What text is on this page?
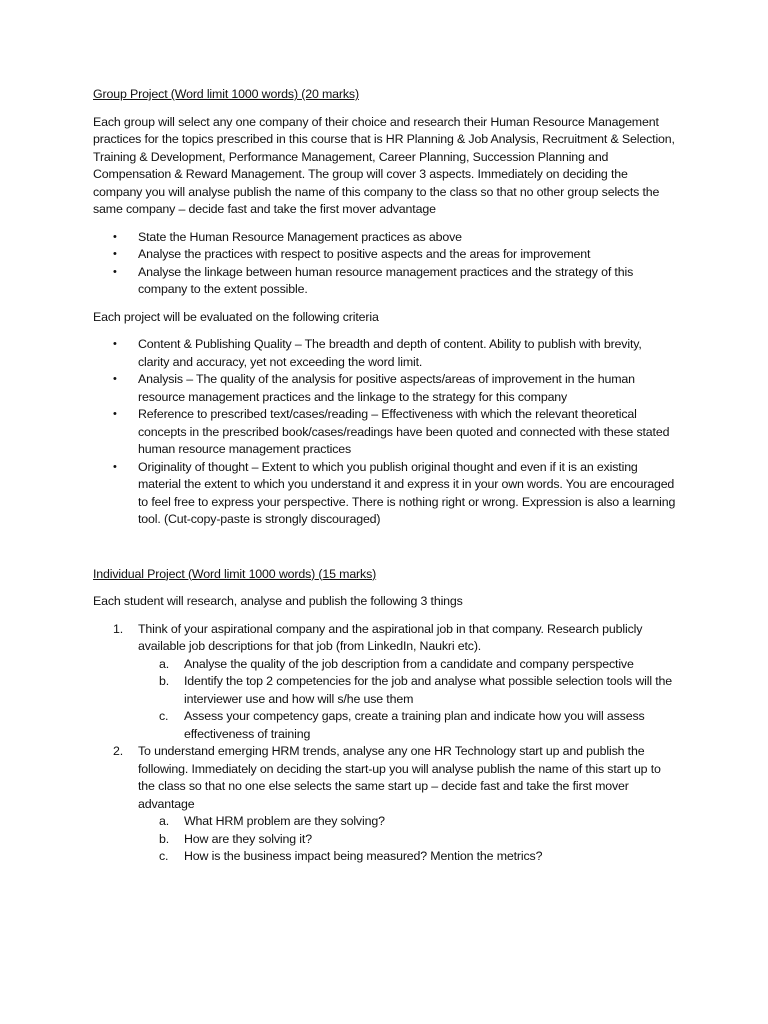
Group Project (Word limit 1000 words) (20 marks)

Each group will select any one company of their choice and research their Human Resource Management practices for the topics prescribed in this course that is HR Planning & Job Analysis, Recruitment & Selection, Training & Development, Performance Management, Career Planning, Succession Planning and Compensation & Reward Management. The group will cover 3 aspects. Immediately on deciding the company you will analyse publish the name of this company to the class so that no other group selects the same company – decide fast and take the first mover advantage

• State the Human Resource Management practices as above
• Analyse the practices with respect to positive aspects and the areas for improvement
• Analyse the linkage between human resource management practices and the strategy of this company to the extent possible.

Each project will be evaluated on the following criteria

• Content & Publishing Quality – The breadth and depth of content. Ability to publish with brevity, clarity and accuracy, yet not exceeding the word limit.
• Analysis – The quality of the analysis for positive aspects/areas of improvement in the human resource management practices and the linkage to the strategy for this company
• Reference to prescribed text/cases/reading – Effectiveness with which the relevant theoretical concepts in the prescribed book/cases/readings have been quoted and connected with these stated human resource management practices
• Originality of thought – Extent to which you publish original thought and even if it is an existing material the extent to which you understand it and express it in your own words. You are encouraged to feel free to express your perspective. There is nothing right or wrong. Expression is also a learning tool. (Cut-copy-paste is strongly discouraged)
Individual Project (Word limit 1000 words) (15 marks)

Each student will research, analyse and publish the following 3 things

1. Think of your aspirational company and the aspirational job in that company. Research publicly available job descriptions for that job (from LinkedIn, Naukri etc).
a. Analyse the quality of the job description from a candidate and company perspective
b. Identify the top 2 competencies for the job and analyse what possible selection tools will the interviewer use and how will s/he use them
c. Assess your competency gaps, create a training plan and indicate how you will assess effectiveness of training
2. To understand emerging HRM trends, analyse any one HR Technology start up and publish the following. Immediately on deciding the start-up you will analyse publish the name of this start up to the class so that no one else selects the same start up – decide fast and take the first mover advantage
a. What HRM problem are they solving?
b. How are they solving it?
c. How is the business impact being measured? Mention the metrics?
